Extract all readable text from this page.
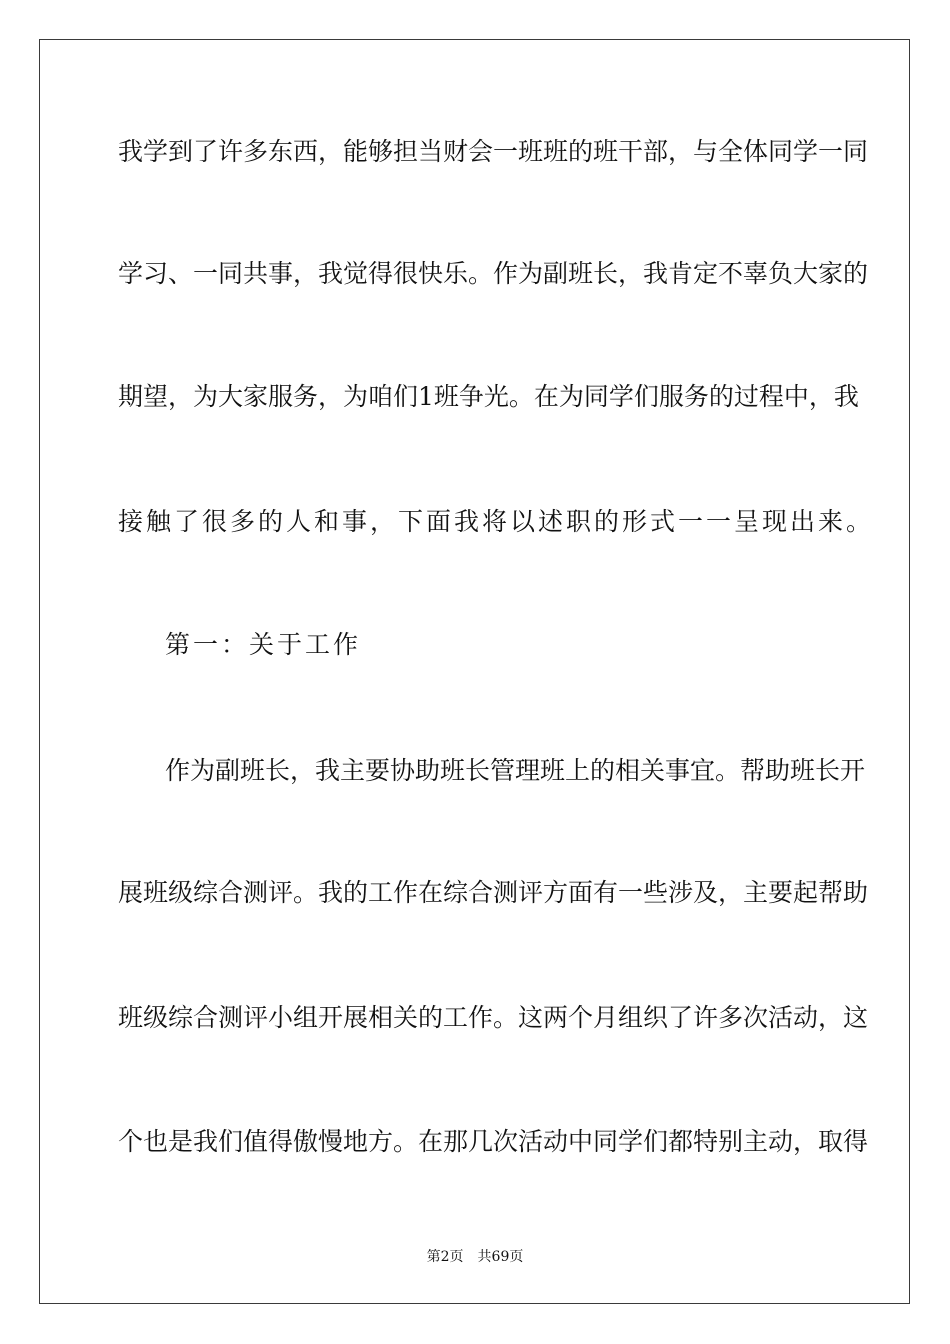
我学到了许多东西，能够担当财会一班班的班干部，与全体同学一同
学习、一同共事，我觉得很快乐。作为副班长，我肯定不辜负大家的
期望，为大家服务，为咱们1班争光。在为同学们服务的过程中，我
接触了很多的人和事，下面我将以述职的形式一一呈现出来。
第一：关于工作
作为副班长，我主要协助班长管理班上的相关事宜。帮助班长开
展班级综合测评。我的工作在综合测评方面有一些涉及，主要起帮助
班级综合测评小组开展相关的工作。这两个月组织了许多次活动，这
个也是我们值得傲慢地方。在那几次活动中同学们都特别主动，取得
第2页 共69页
